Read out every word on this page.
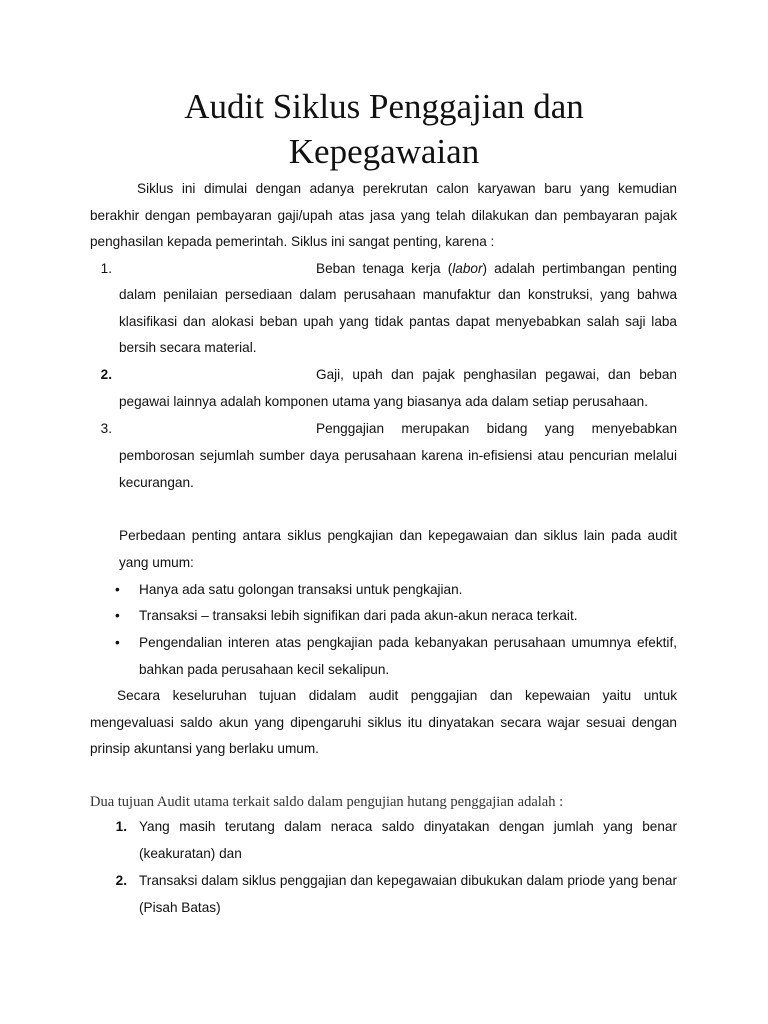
Audit Siklus Penggajian dan Kepegawaian

Siklus ini dimulai dengan adanya perekrutan calon karyawan baru yang kemudian berakhir dengan pembayaran gaji/upah atas jasa yang telah dilakukan dan pembayaran pajak penghasilan kepada pemerintah. Siklus ini sangat penting, karena :

1.	Beban tenaga kerja (labor) adalah pertimbangan penting

dalam penilaian persediaan dalam perusahaan manufaktur dan konstruksi, yang bahwa klasifikasi dan alokasi beban upah yang tidak pantas dapat menyebabkan salah saji laba bersih secara material.

2.	Gaji, upah dan pajak penghasilan pegawai, dan beban

pegawai lainnya adalah komponen utama yang biasanya ada dalam setiap perusahaan.

3.	Penggajian merupakan bidang yang menyebabkan

pemborosan sejumlah sumber daya perusahaan karena in-efisiensi atau pencurian melalui kecurangan.

Perbedaan penting antara siklus pengkajian dan kepegawaian dan siklus lain pada audit yang umum:

• Hanya ada satu golongan transaksi untuk pengkajian.

• Transaksi – transaksi lebih signifikan dari pada akun-akun neraca terkait.

• Pengendalian interen atas pengkajian pada kebanyakan perusahaan umumnya efektif, bahkan pada perusahaan kecil sekalipun.

Secara keseluruhan tujuan didalam audit penggajian dan kepewaian yaitu untuk mengevaluasi saldo akun yang dipengaruhi siklus itu dinyatakan secara wajar sesuai dengan prinsip akuntansi yang berlaku umum.

Dua tujuan Audit utama terkait saldo dalam pengujian hutang penggajian adalah :

1. Yang masih terutang dalam neraca saldo dinyatakan dengan jumlah yang benar (keakuratan) dan

2. Transaksi dalam siklus penggajian dan kepegawaian dibukukan dalam priode yang benar (Pisah Batas)
